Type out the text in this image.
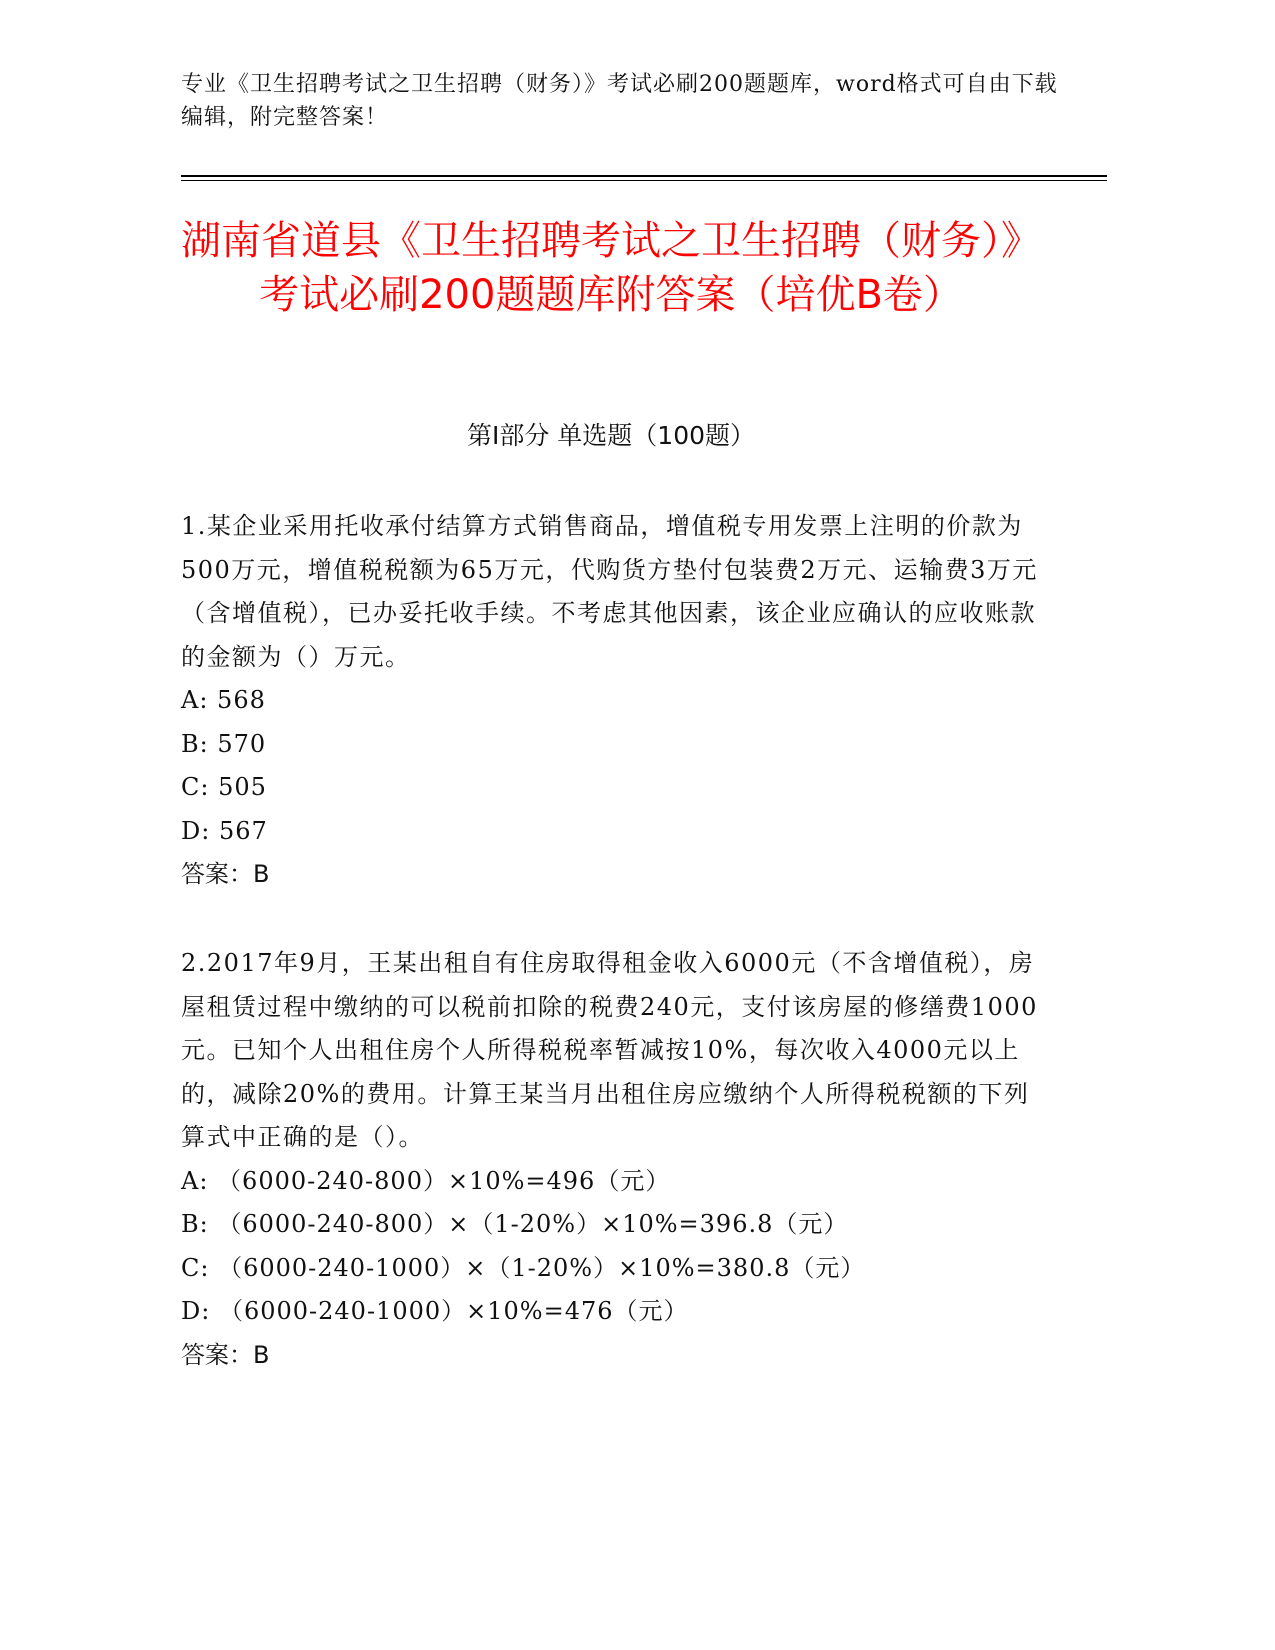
专业《卫生招聘考试之卫生招聘（财务）》考试必刷200题题库，word格式可自由下载编辑，附完整答案！
湖南省道县《卫生招聘考试之卫生招聘（财务）》考试必刷200题题库附答案（培优B卷）
第I部分 单选题（100题）

1.某企业采用托收承付结算方式销售商品，增值税专用发票上注明的价款为500万元，增值税税额为65万元，代购货方垫付包装费2万元、运输费3万元（含增值税），已办妥托收手续。不考虑其他因素，该企业应确认的应收账款的金额为（）万元。

A: 568

B: 570

C: 505

D: 567

答案：B

2.2017年9月，王某出租自有住房取得租金收入6000元（不含增值税），房屋租赁过程中缴纳的可以税前扣除的税费240元，支付该房屋的修缮费1000元。已知个人出租住房个人所得税税率暂减按10%，每次收入4000元以上的，减除20%的费用。计算王某当月出租住房应缴纳个人所得税税额的下列算式中正确的是（）。

A: （6000-240-800）×10%=496（元）

B: （6000-240-800）×（1-20%）×10%=396.8（元）

C: （6000-240-1000）×（1-20%）×10%=380.8（元）

D: （6000-240-1000）×10%=476（元）

答案：B
